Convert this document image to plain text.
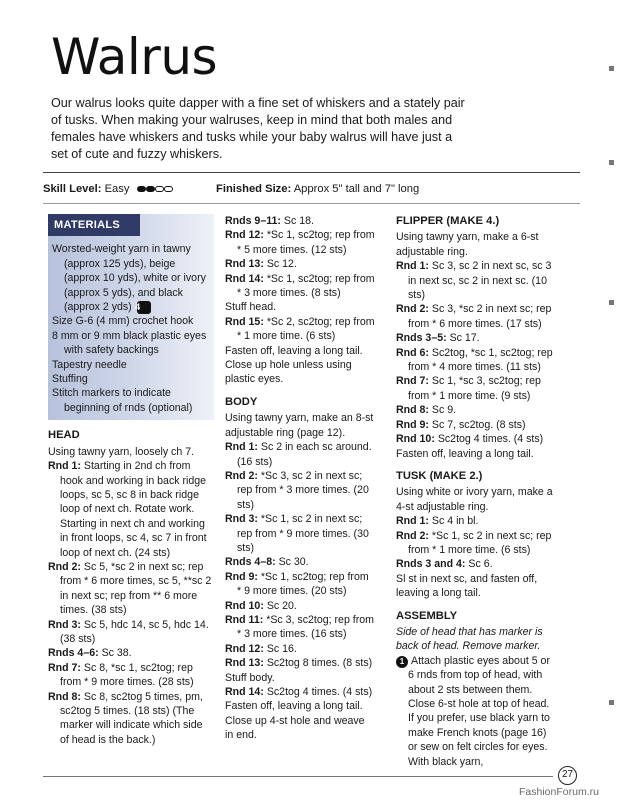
Walrus
Our walrus looks quite dapper with a fine set of whiskers and a stately pair of tusks. When making your walruses, keep in mind that both males and females have whiskers and tusks while your baby walrus will have just a set of cute and fuzzy whiskers.
Skill Level: Easy	Finished Size: Approx 5" tall and 7" long
MATERIALS
Worsted-weight yarn in tawny (approx 125 yds), beige (approx 10 yds), white or ivory (approx 5 yds), and black (approx 2 yds) 4
Size G-6 (4 mm) crochet hook
8 mm or 9 mm black plastic eyes with safety backings
Tapestry needle
Stuffing
Stitch markers to indicate beginning of rnds (optional)
HEAD
Using tawny yarn, loosely ch 7.
Rnd 1: Starting in 2nd ch from hook and working in back ridge loops, sc 5, sc 8 in back ridge loop of next ch. Rotate work. Starting in next ch and working in front loops, sc 4, sc 7 in front loop of next ch. (24 sts)
Rnd 2: Sc 5, *sc 2 in next sc; rep from * 6 more times, sc 5, **sc 2 in next sc; rep from ** 6 more times. (38 sts)
Rnd 3: Sc 5, hdc 14, sc 5, hdc 14. (38 sts)
Rnds 4–6: Sc 38.
Rnd 7: Sc 8, *sc 1, sc2tog; rep from * 9 more times. (28 sts)
Rnd 8: Sc 8, sc2tog 5 times, pm, sc2tog 5 times. (18 sts) (The marker will indicate which side of head is the back.)
Rnds 9–11: Sc 18.
Rnd 12: *Sc 1, sc2tog; rep from * 5 more times. (12 sts)
Rnd 13: Sc 12.
Rnd 14: *Sc 1, sc2tog; rep from * 3 more times. (8 sts)
Stuff head.
Rnd 15: *Sc 2, sc2tog; rep from * 1 more time. (6 sts)
Fasten off, leaving a long tail.
Close up hole unless using plastic eyes.
BODY
Using tawny yarn, make an 8-st adjustable ring (page 12).
Rnd 1: Sc 2 in each sc around. (16 sts)
Rnd 2: *Sc 3, sc 2 in next sc; rep from * 3 more times. (20 sts)
Rnd 3: *Sc 1, sc 2 in next sc; rep from * 9 more times. (30 sts)
Rnds 4–8: Sc 30.
Rnd 9: *Sc 1, sc2tog; rep from * 9 more times. (20 sts)
Rnd 10: Sc 20.
Rnd 11: *Sc 3, sc2tog; rep from * 3 more times. (16 sts)
Rnd 12: Sc 16.
Rnd 13: Sc2tog 8 times. (8 sts)
Stuff body.
Rnd 14: Sc2tog 4 times. (4 sts)
Fasten off, leaving a long tail. Close up 4-st hole and weave in end.
FLIPPER (MAKE 4.)
Using tawny yarn, make a 6-st adjustable ring.
Rnd 1: Sc 3, sc 2 in next sc, sc 3 in next sc, sc 2 in next sc. (10 sts)
Rnd 2: Sc 3, *sc 2 in next sc; rep from * 6 more times. (17 sts)
Rnds 3–5: Sc 17.
Rnd 6: Sc2tog, *sc 1, sc2tog; rep from * 4 more times. (11 sts)
Rnd 7: Sc 1, *sc 3, sc2tog; rep from * 1 more time. (9 sts)
Rnd 8: Sc 9.
Rnd 9: Sc 7, sc2tog. (8 sts)
Rnd 10: Sc2tog 4 times. (4 sts)
Fasten off, leaving a long tail.
TUSK (MAKE 2.)
Using white or ivory yarn, make a 4-st adjustable ring.
Rnd 1: Sc 4 in bl.
Rnd 2: *Sc 1, sc 2 in next sc; rep from * 1 more time. (6 sts)
Rnds 3 and 4: Sc 6.
Sl st in next sc, and fasten off, leaving a long tail.
ASSEMBLY
Side of head that has marker is back of head. Remove marker.
1 Attach plastic eyes about 5 or 6 rnds from top of head, with about 2 sts between them. Close 6-st hole at top of head. If you prefer, use black yarn to make French knots (page 16) or sew on felt circles for eyes. With black yarn,
27
FashionForum.ru
